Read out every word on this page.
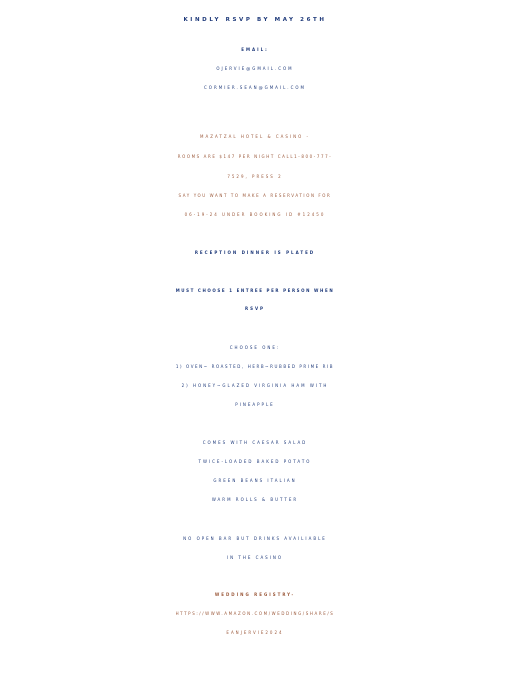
KINDLY RSVP BY MAY 26TH
EMAIL:
OJERVIE@GMAIL.COM
CORMIER.SEAN@GMAIL.COM
MAZATZAL HOTEL & CASINO -
ROOMS ARE $147 PER NIGHT CALL1-800-777-
7529, PRESS 2
SAY YOU WANT TO MAKE A RESERVATION FOR
06-19-24 UNDER BOOKING ID #12450
RECEPTION DINNER IS PLATED
MUST CHOOSE 1 ENTREE PER PERSON WHEN
RSVP
CHOOSE ONE:
1) OVEN~ ROASTED, HERB~RUBBED PRIME RIB
2) HONEY~GLAZED VIRGINIA HAM WITH
PINEAPPLE
COMES WITH CAESAR SALAD
TWICE-LOADED BAKED POTATO
GREEN BEANS ITALIAN
WARM ROLLS & BUTTER
NO OPEN BAR BUT DRINKS AVAILIABLE
IN THE CASINO
WEDDING REGISTRY-
HTTPS://WWW.AMAZON.COM/WEDDING/SHARE/S
EANJERVIE2024
